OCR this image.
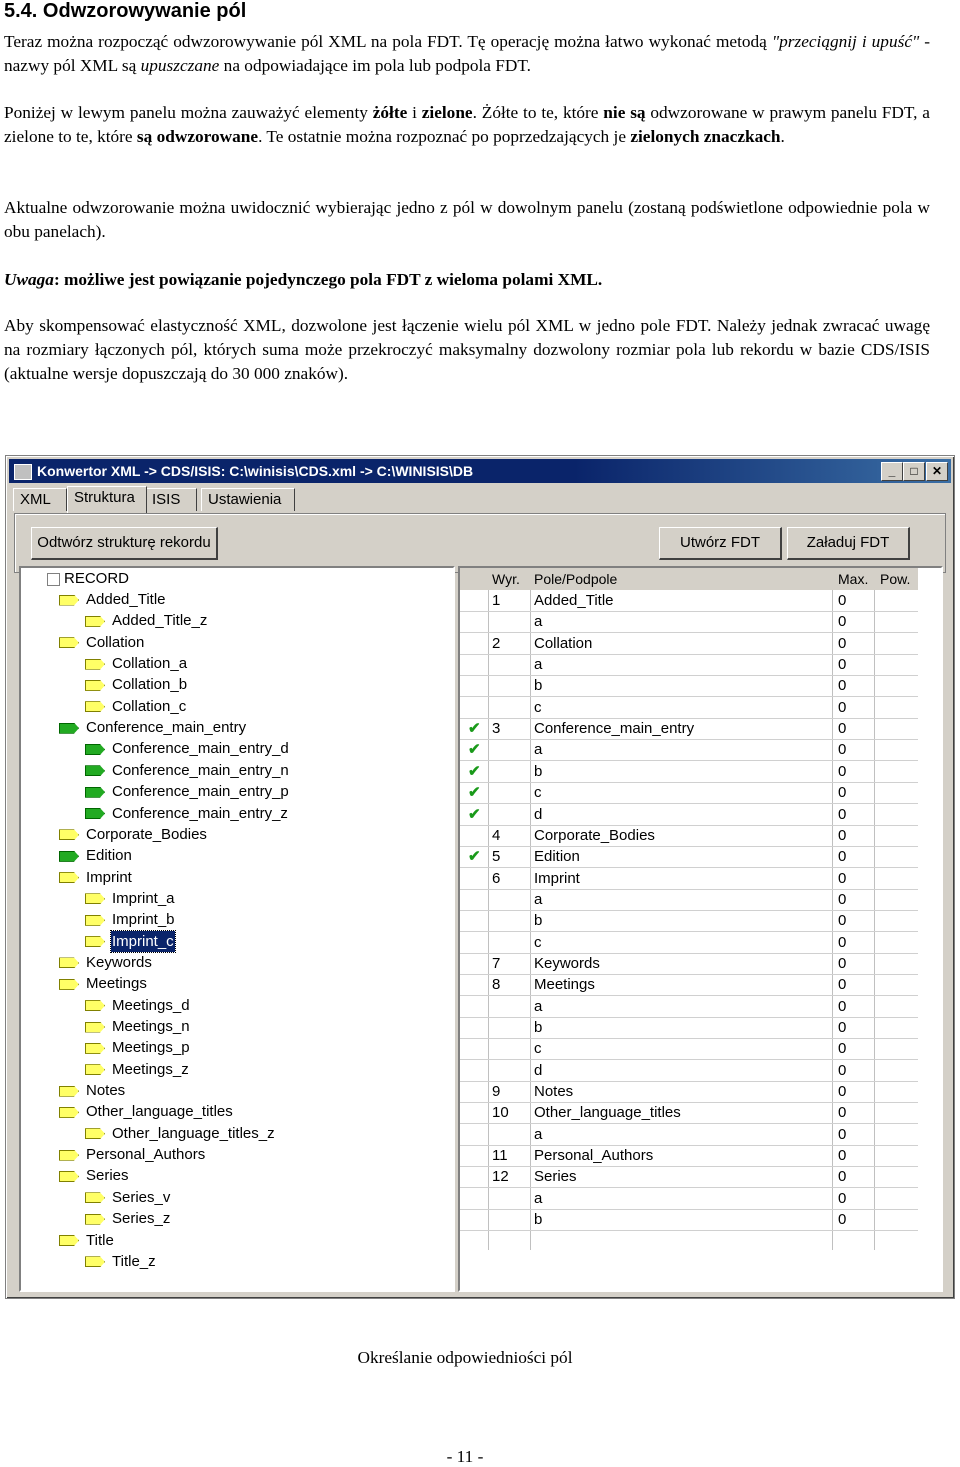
5.4. Odwzorowywanie pól
Teraz można rozpocząć odwzorowywanie pól XML na pola FDT. Tę operację można łatwo wykonać metodą "przeciągnij i upuść" - nazwy pól XML są upuszczane na odpowiadające im pola lub podpola FDT.
Poniżej w lewym panelu można zauważyć elementy żółte i zielone. Żółte to te, które nie są odwzorowane w prawym panelu FDT, a zielone to te, które są odwzorowane. Te ostatnie można rozpoznać po poprzedzających je zielonych znaczkach.
Aktualne odwzorowanie można uwidocznić wybierając jedno z pól w dowolnym panelu (zostaną podświetlone odpowiednie pola w obu panelach).
Uwaga: możliwe jest powiązanie pojedynczego pola FDT z wieloma polami XML.
Aby skompensować elastyczność XML, dozwolone jest łączenie wielu pól XML w jedno pole FDT. Należy jednak zwracać uwagę na rozmiary łączonych pól, których suma może przekroczyć maksymalny dozwolony rozmiar pola lub rekordu w bazie CDS/ISIS (aktualne wersje dopuszczają do 30 000 znaków).
Konwertor XML -> CDS/ISIS: C:\winisis\CDS.xml -> C:\WINISIS\DB	_	□	✕
XML	Struktura	ISIS	Ustawienia
Odtwórz strukturę rekordu	Utwórz FDT	Załaduj FDT
RECORD
Added_Title
Added_Title_z
Collation
Collation_a
Collation_b
Collation_c
Conference_main_entry
Conference_main_entry_d
Conference_main_entry_n
Conference_main_entry_p
Conference_main_entry_z
Corporate_Bodies
Edition
Imprint
Imprint_a
Imprint_b
Imprint_c
Keywords
Meetings
Meetings_d
Meetings_n
Meetings_p
Meetings_z
Notes
Other_language_titles
Other_language_titles_z
Personal_Authors
Series
Series_v
Series_z
Title
Title_z
Wyr. Pole/Podpole	Max. Pow.
1 Added_Title	0
a	0
2 Collation	0
a	0
b	0
c	0
✔ 3 Conference_main_entry	0
✔	a	0
✔	b	0
✔	c	0
✔	d	0
4 Corporate_Bodies	0
✔ 5 Edition	0
6 Imprint	0
a	0
b	0
c	0
7 Keywords	0
8 Meetings	0
a	0
b	0
c	0
d	0
9 Notes	0
10 Other_language_titles	0
a	0
11 Personal_Authors	0
12 Series	0
a	0
b	0
Określanie odpowiedniości pól
- 11 -
